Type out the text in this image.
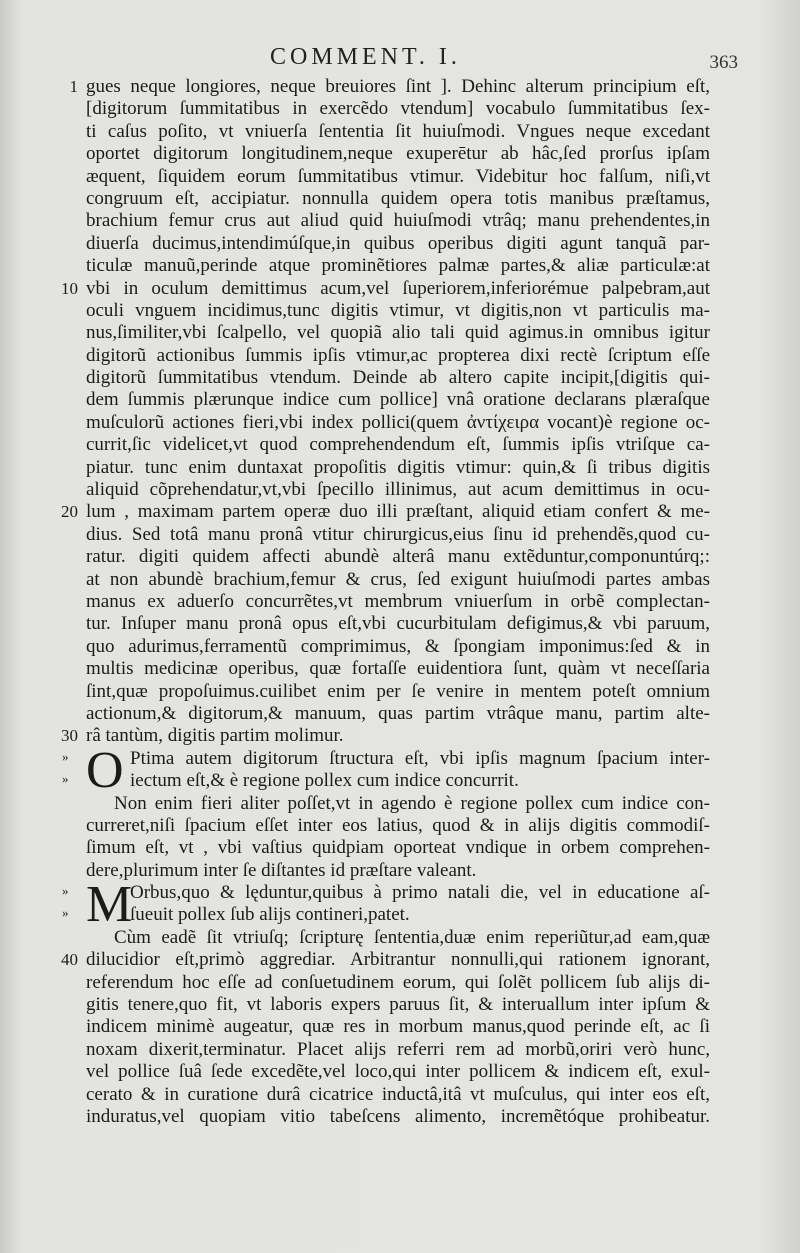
COMMENT. I.	363
1 gues neque longiores, neque breuiores ſint ]. Dehinc alterum principium eſt,
[digitorum ſummitatibus in exercẽdo vtendum] vocabulo ſummitatibus ſex-
ti caſus poſito, vt vniuerſa ſententia ſit huiuſmodi. Vngues neque excedant
oportet digitorum longitudinem,neque exuperētur ab hâc,ſed prorſus ipſam
æquent, ſiquidem eorum ſummitatibus vtimur. Videbitur hoc falſum, niſi,vt
congruum eſt, accipiatur. nonnulla quidem opera totis manibus præſtamus,
brachium femur crus aut aliud quid huiuſmodi vtrâq; manu prehendentes,in
diuerſa ducimus,intendimúſque,in quibus operibus digiti agunt tanquã par-
ticulæ manuũ,perinde atque prominẽtiores palmæ partes,& aliæ particulæ:at
10 vbi in oculum demittimus acum,vel ſuperiorem,inferiorémue palpebram,aut
oculi vnguem incidimus,tunc digitis vtimur, vt digitis,non vt particulis ma-
nus,ſimiliter,vbi ſcalpello, vel quopiã alio tali quid agimus.in omnibus igitur
digitorũ actionibus ſummis ipſis vtimur,ac propterea dixi rectè ſcriptum eſſe
digitorũ ſummitatibus vtendum. Deinde ab altero capite incipit,[digitis qui-
dem ſummis plærunque indice cum pollice] vnâ oratione declarans plæraſque
muſculorũ actiones fieri,vbi index pollici(quem ἀντίχειρα vocant)è regione oc-
currit,ſic videlicet,vt quod comprehendendum eſt, ſummis ipſis vtriſque ca-
piatur. tunc enim duntaxat propoſitis digitis vtimur: quin,& ſi tribus digitis
aliquid cõprehendatur,vt,vbi ſpecillo illinimus, aut acum demittimus in ocu-
20 lum , maximam partem operæ duo illi præſtant, aliquid etiam confert & me-
dius. Sed totâ manu pronâ vtitur chirurgicus,eius ſinu id prehendẽs,quod cu-
ratur. digiti quidem affecti abundè alterâ manu extẽduntur,componuntúrq;:
at non abundè brachium,femur & crus, ſed exigunt huiuſmodi partes ambas
manus ex aduerſo concurrẽtes,vt membrum vniuerſum in orbẽ complectan-
tur. Inſuper manu pronâ opus eſt,vbi cucurbitulam defigimus,& vbi paruum,
quo adurimus,ferramentũ comprimimus, & ſpongiam imponimus:ſed & in
multis medicinæ operibus, quæ fortaſſe euidentiora ſunt, quàm vt neceſſaria
ſint,quæ propoſuimus.cuilibet enim per ſe venire in mentem poteſt omnium
actionum,& digitorum,& manuum, quas partim vtrâque manu, partim alte-
30 râ tantùm, digitis partim molimur.
» O Ptima autem digitorum ſtructura eſt, vbi ipſis magnum ſpacium inter-
»	iectum eſt,& è regione pollex cum indice concurrit.
Non enim fieri aliter poſſet,vt in agendo è regione pollex cum indice con-
curreret,niſi ſpacium eſſet inter eos latius, quod & in alijs digitis commodiſ-
ſimum eſt, vt , vbi vaſtius quidpiam oporteat vndique in orbem comprehen-
dere,plurimum inter ſe diſtantes id præſtare valeant.
» M
Orbus,quo & lęduntur,quibus à primo natali die, vel in educatione aſ-
»	ſueuit pollex ſub alijs contineri,patet.
Cùm eadẽ ſit vtriuſq; ſcripturę ſententia,duæ enim reperiũtur,ad eam,quæ
40 dilucidior eſt,primò aggrediar. Arbitrantur nonnulli,qui rationem ignorant,
referendum hoc eſſe ad conſuetudinem eorum, qui ſolẽt pollicem ſub alijs di-
gitis tenere,quo fit, vt laboris expers paruus ſit, & interuallum inter ipſum &
indicem minimè augeatur, quæ res in morbum manus,quod perinde eſt, ac ſi
noxam dixerit,terminatur. Placet alijs referri rem ad morbũ,oriri verò hunc,
vel pollice ſuâ ſede excedẽte,vel loco,qui inter pollicem & indicem eſt, exul-
cerato & in curatione durâ cicatrice inductâ,itâ vt muſculus, qui inter eos eſt,
induratus,vel quopiam vitio tabeſcens alimento, incremẽtóque prohibeatur.
